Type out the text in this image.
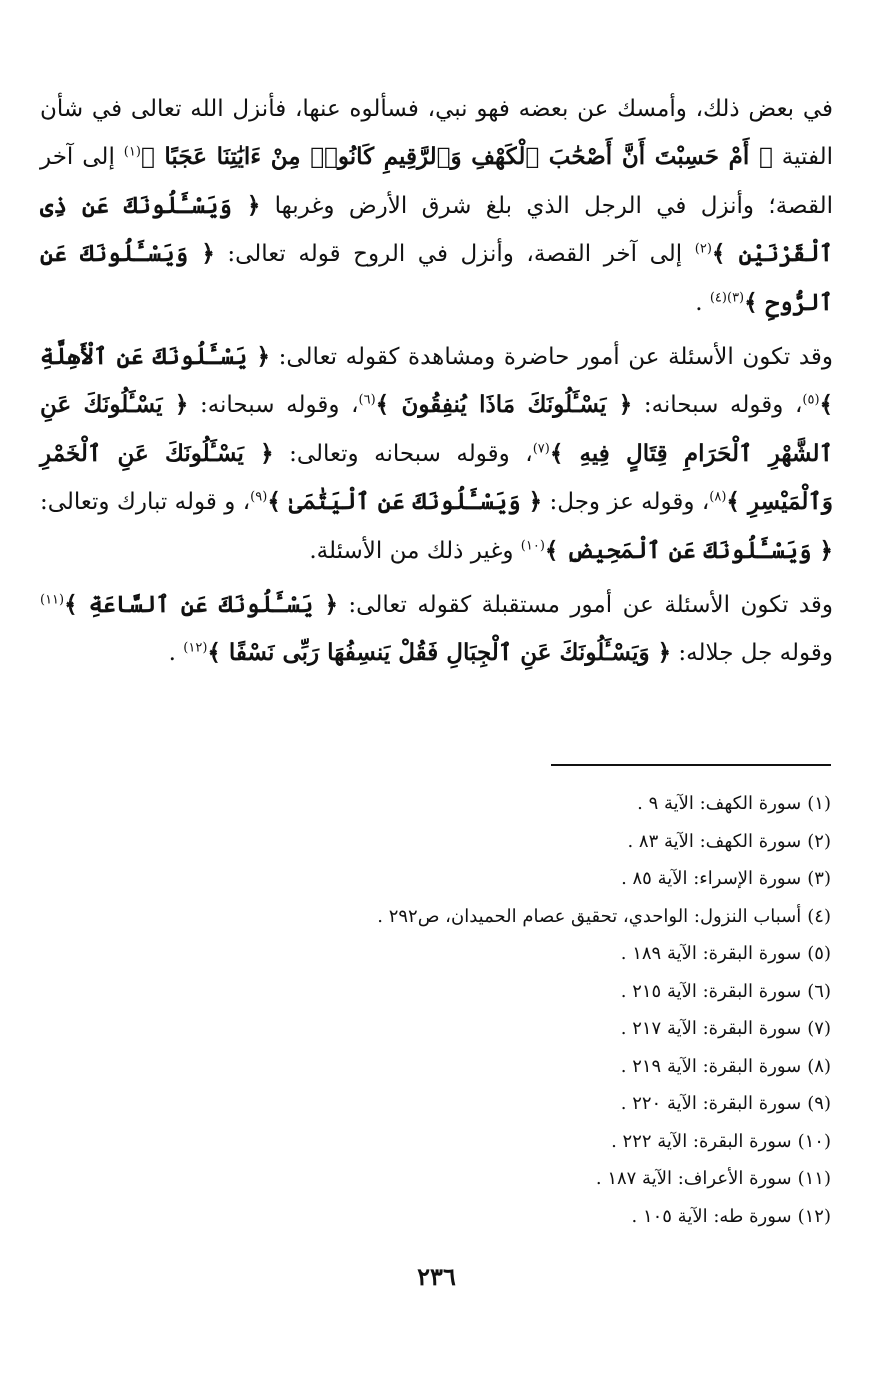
في بعض ذلك، وأمسك عن بعضه فهو نبي، فسألوه عنها، فأنزل الله تعالى في شأن الفتية ﴿ أَمْ حَسِبْتَ أَنَّ أَصْحَٰبَ ٱلْكَهْفِ وَٱلرَّقِيمِ كَانُوا۟ مِنْ ءَايَٰتِنَا عَجَبًا ﴾$^{(١)}$ إلى آخر القصة؛ وأنزل في الرجل الذي بلغ شرق الأرض وغربها ﴿ وَيَسْـَٔلُونَكَ عَن ذِى ٱلْقَرْنَيْنِ ﴾$^{(٢)}$ إلى آخر القصة، وأنزل في الروح قوله تعالى: ﴿ وَيَسْـَٔلُونَكَ عَنِ ٱلرُّوحِ ﴾$^{(٣)(٤)}$ .

وقد تكون الأسئلة عن أمور حاضرة ومشاهدة كقوله تعالى: ﴿ يَسْـَٔلُونَكَ عَنِ ٱلْأَهِلَّةِ ﴾$^{(٥)}$، وقوله سبحانه: ﴿ يَسْـَٔلُونَكَ مَاذَا يُنفِقُونَ ﴾$^{(٦)}$، وقوله سبحانه: ﴿ يَسْـَٔلُونَكَ عَنِ ٱلشَّهْرِ ٱلْحَرَامِ قِتَالٍ فِيهِ ﴾$^{(٧)}$، وقوله سبحانه وتعالى: ﴿ يَسْـَٔلُونَكَ عَنِ ٱلْخَمْرِ وَٱلْمَيْسِرِ ﴾$^{(٨)}$، وقوله عز وجل: ﴿ وَيَسْـَٔلُونَكَ عَنِ ٱلْيَتَٰمَىٰ ﴾$^{(٩)}$، و قوله تبارك وتعالى: ﴿ وَيَسْـَٔلُونَكَ عَنِ ٱلْمَحِيضِ ﴾$^{(١٠)}$ وغير ذلك من الأسئلة.

وقد تكون الأسئلة عن أمور مستقبلة كقوله تعالى: ﴿ يَسْـَٔلُونَكَ عَنِ ٱلسَّاعَةِ ﴾$^{(١١)}$ وقوله جل جلاله: ﴿ وَيَسْـَٔلُونَكَ عَنِ ٱلْجِبَالِ فَقُلْ يَنسِفُهَا رَبِّى نَسْفًا ﴾$^{(١٢)}$ .

(١)سورة الكهف: الآية ٩ .
(٢)سورة الكهف: الآية ٨٣ .
(٣)سورة الإسراء: الآية ٨٥ .
(٤)أسباب النزول: الواحدي، تحقيق عصام الحميدان، ص٢٩٢ .
(٥)سورة البقرة: الآية ١٨٩ .
(٦)سورة البقرة: الآية ٢١٥ .
(٧)سورة البقرة: الآية ٢١٧ .
(٨)سورة البقرة: الآية ٢١٩ .
(٩)سورة البقرة: الآية ٢٢٠ .
(١٠)سورة البقرة: الآية ٢٢٢ .
(١١)سورة الأعراف: الآية ١٨٧ .
(١٢)سورة طه: الآية ١٠٥ .
٢٣٦
